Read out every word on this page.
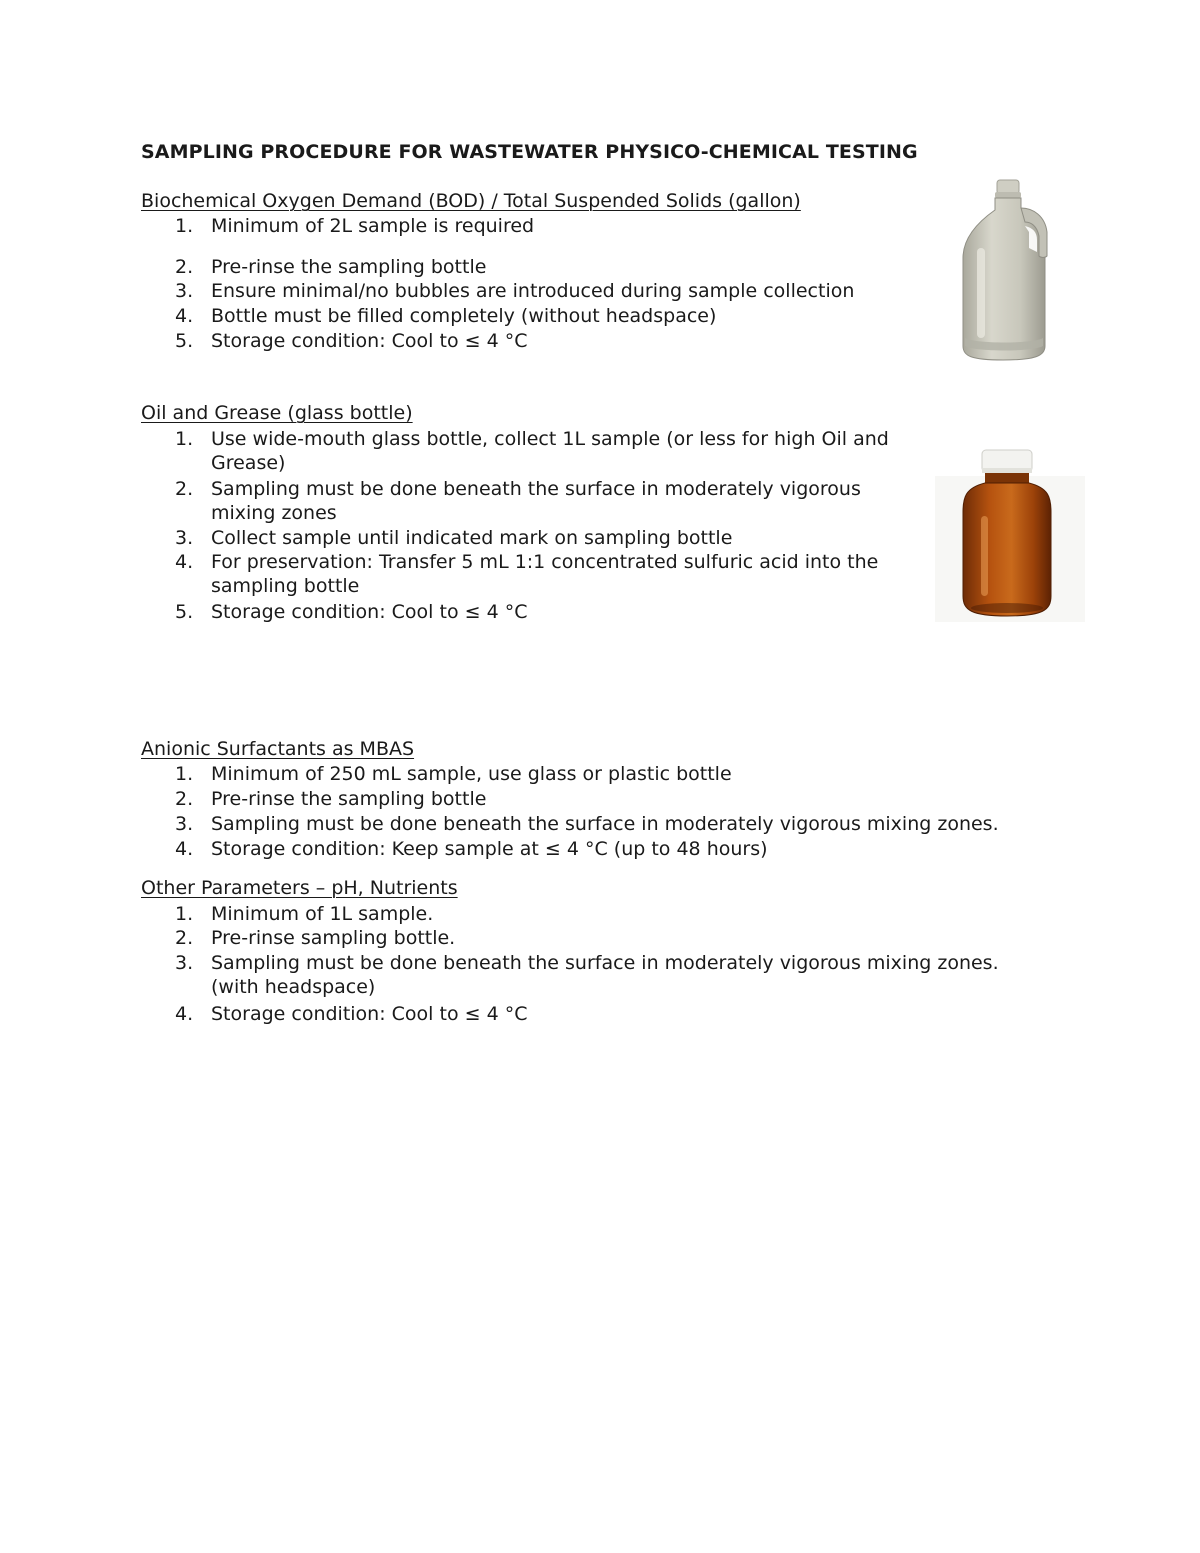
SAMPLING PROCEDURE FOR WASTEWATER PHYSICO-CHEMICAL TESTING
Biochemical Oxygen Demand (BOD) / Total Suspended Solids (gallon)
1. Minimum of 2L sample is required
2. Pre-rinse the sampling bottle
3. Ensure minimal/no bubbles are introduced during sample collection
4. Bottle must be filled completely (without headspace)
5. Storage condition: Cool to ≤ 4 °C
Oil and Grease (glass bottle)
1. Use wide-mouth glass bottle, collect 1L sample (or less for high Oil and
Grease)
2. Sampling must be done beneath the surface in moderately vigorous
mixing zones
3. Collect sample until indicated mark on sampling bottle
4. For preservation: Transfer 5 mL 1:1 concentrated sulfuric acid into the
sampling bottle
5. Storage condition: Cool to ≤ 4 °C
Anionic Surfactants as MBAS
1. Minimum of 250 mL sample, use glass or plastic bottle
2. Pre-rinse the sampling bottle
3. Sampling must be done beneath the surface in moderately vigorous mixing zones.
4. Storage condition: Keep sample at ≤ 4 °C (up to 48 hours)
Other Parameters – pH, Nutrients
1. Minimum of 1L sample.
2. Pre-rinse sampling bottle.
3. Sampling must be done beneath the surface in moderately vigorous mixing zones.
(with headspace)
4. Storage condition: Cool to ≤ 4 °C
